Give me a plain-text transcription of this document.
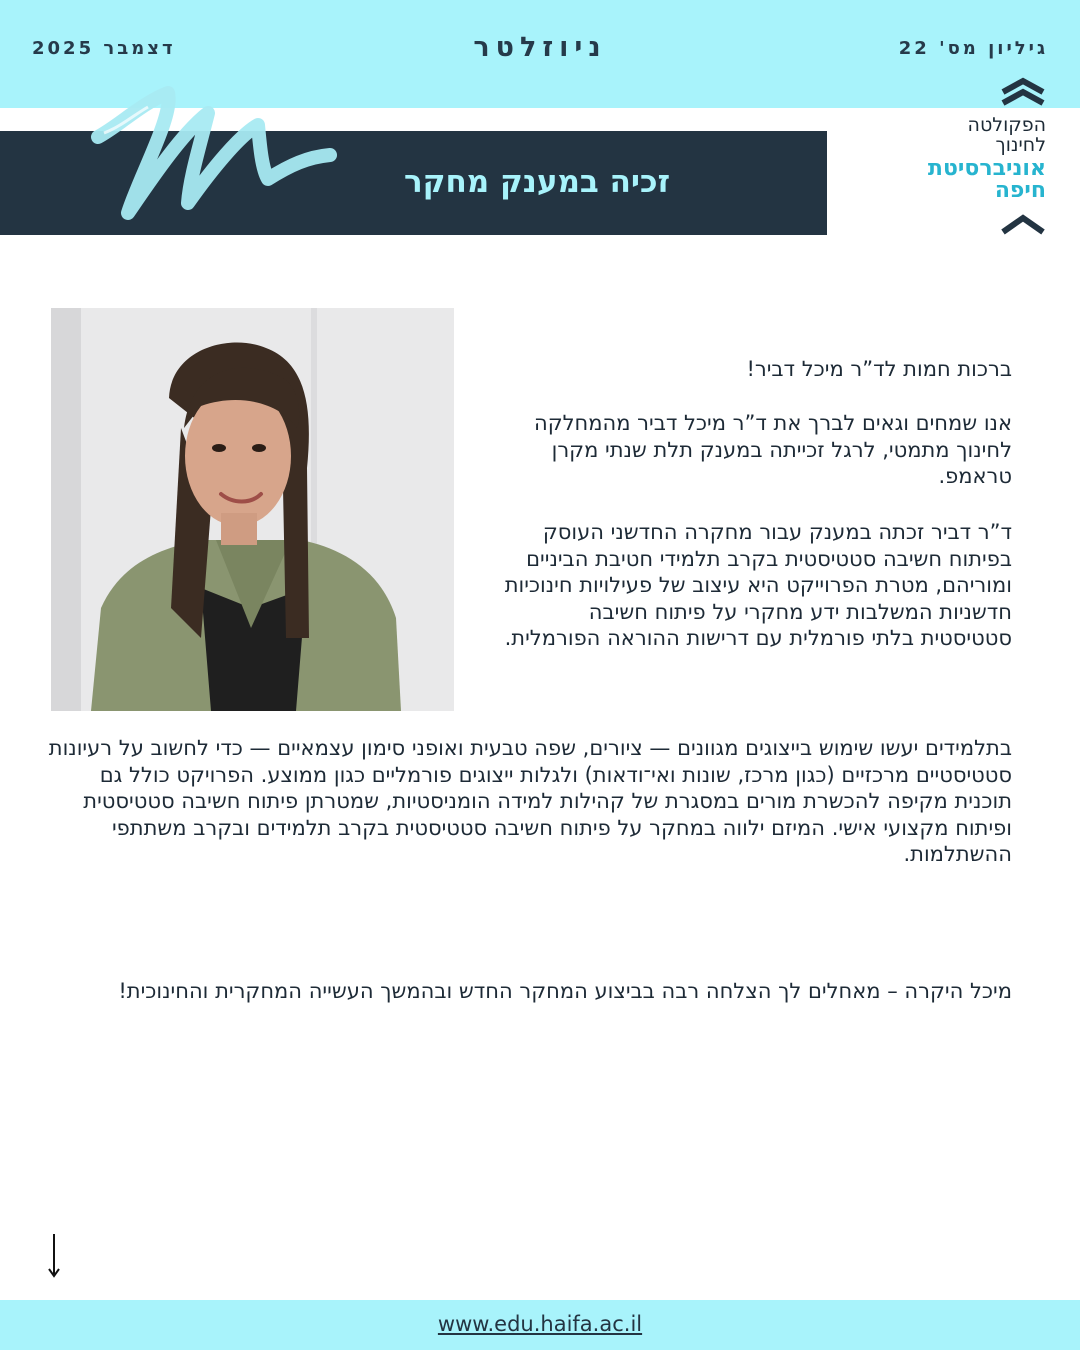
גיליון מס' 22
ניוזלטר
דצמבר 2025
זכיה במענק מחקר
הפקולטה
לחינוך
אוניברסיטת
חיפה

ברכות חמות לד”ר מיכל דביר!

אנו שמחים וגאים לברך את ד”ר מיכל דביר מהמחלקה לחינוך מתמטי, לרגל זכייתה במענק תלת שנתי מקרן טראמפ.

ד”ר דביר זכתה במענק עבור מחקרה החדשני העוסק בפיתוח חשיבה סטטיסטית בקרב תלמידי חטיבת הביניים ומוריהם, מטרת הפרוייקט היא עיצוב של פעילויות חינוכיות חדשניות המשלבות ידע מחקרי על פיתוח חשיבה סטטיסטית בלתי פורמלית עם דרישות ההוראה הפורמלית.

בתלמידים יעשו שימוש בייצוגים מגוונים — ציורים, שפה טבעית ואופני סימון עצמאיים — כדי לחשוב על רעיונות סטטיסטיים מרכזיים (כגון מרכז, שונות ואי־ודאות) ולגלות ייצוגים פורמליים כגון ממוצע. הפרויקט כולל גם תוכנית מקיפה להכשרת מורים במסגרת של קהילות למידה הומניסטיות, שמטרתן פיתוח חשיבה סטטיסטית ופיתוח מקצועי אישי. המיזם ילווה במחקר על פיתוח חשיבה סטטיסטית בקרב תלמידים ובקרב משתתפי ההשתלמות.

מיכל היקרה – מאחלים לך הצלחה רבה בביצוע המחקר החדש ובהמשך העשייה המחקרית והחינוכית!

www.edu.haifa.ac.il
